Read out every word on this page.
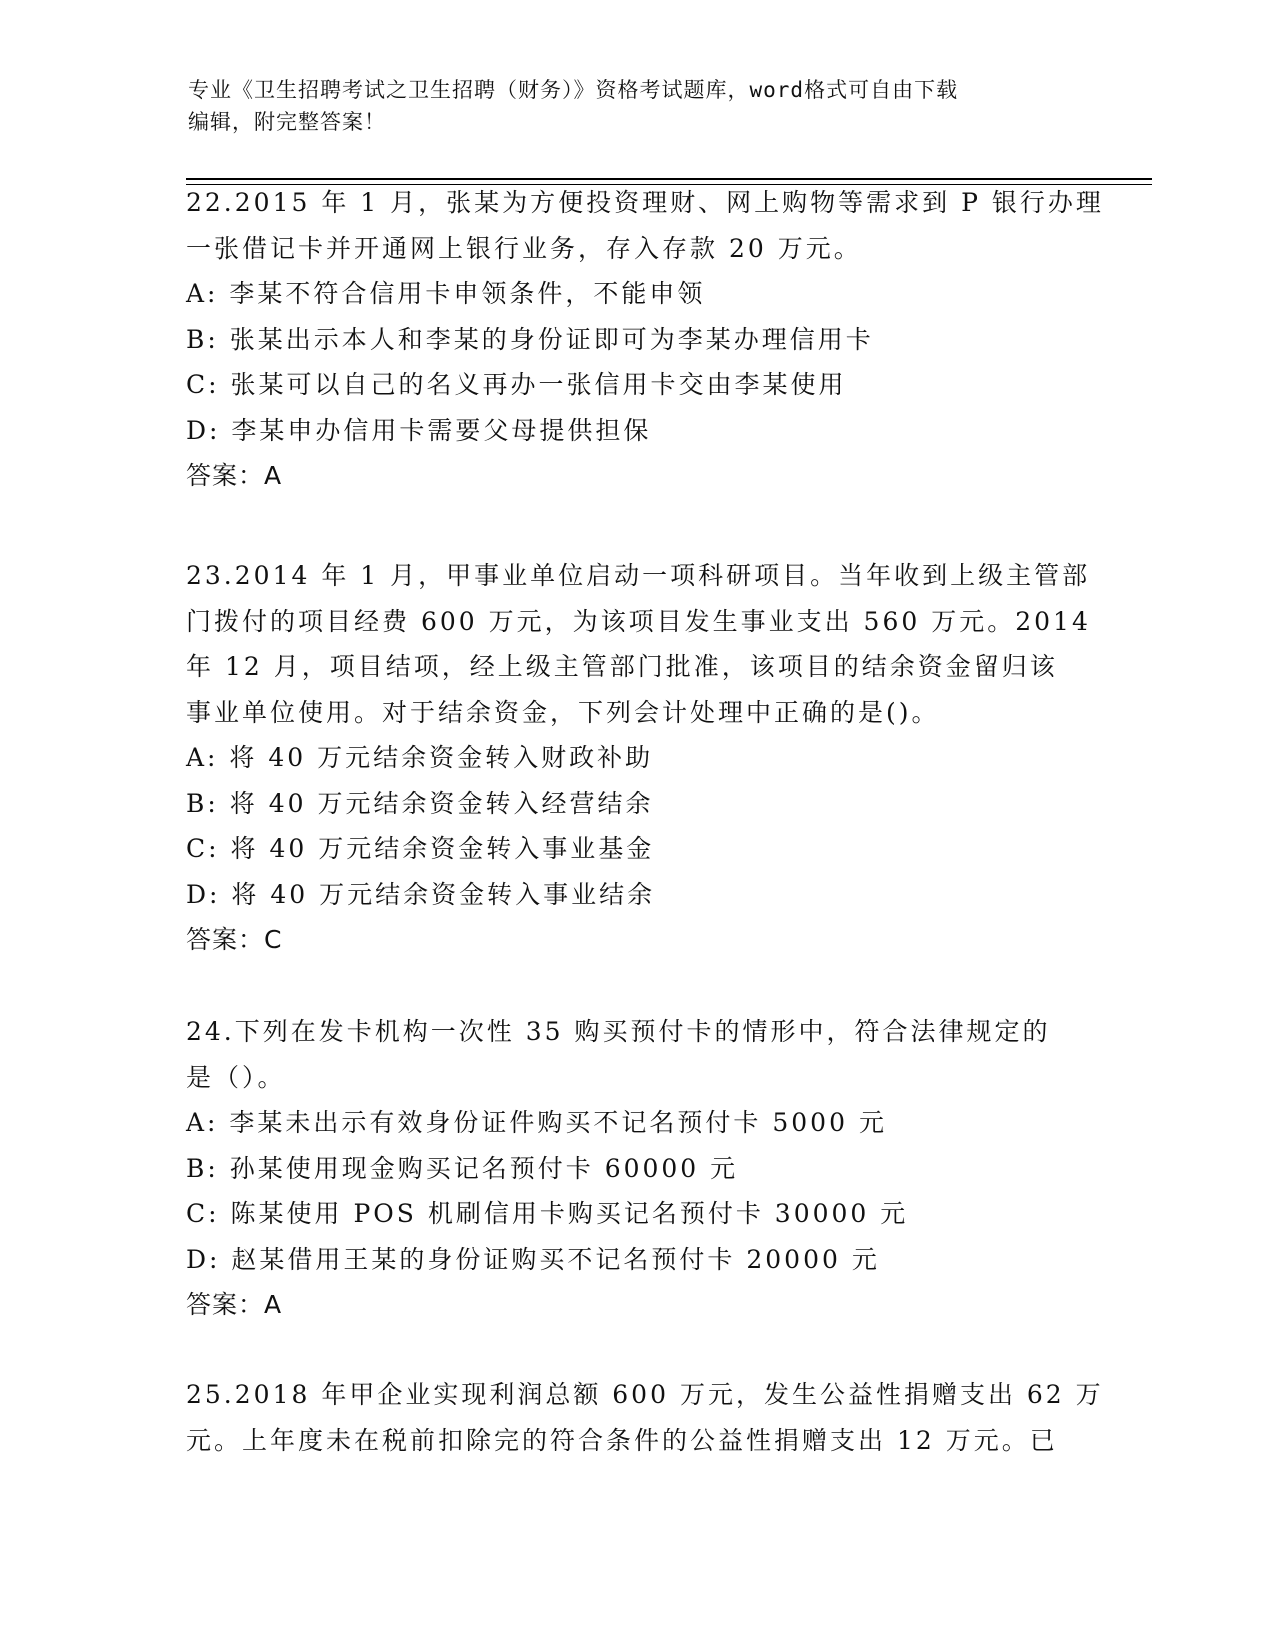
专业《卫生招聘考试之卫生招聘（财务）》资格考试题库，word格式可自由下载
编辑，附完整答案！
22.2015 年 1 月，张某为方便投资理财、网上购物等需求到 P 银行办理
一张借记卡并开通网上银行业务，存入存款 20 万元。
A: 李某不符合信用卡申领条件，不能申领
B: 张某出示本人和李某的身份证即可为李某办理信用卡
C: 张某可以自己的名义再办一张信用卡交由李某使用
D: 李某申办信用卡需要父母提供担保
答案：A
23.2014 年 1 月，甲事业单位启动一项科研项目。当年收到上级主管部
门拨付的项目经费 600 万元，为该项目发生事业支出 560 万元。2014
年 12 月，项目结项，经上级主管部门批准，该项目的结余资金留归该
事业单位使用。对于结余资金，下列会计处理中正确的是()。
A: 将 40 万元结余资金转入财政补助
B: 将 40 万元结余资金转入经营结余
C: 将 40 万元结余资金转入事业基金
D: 将 40 万元结余资金转入事业结余
答案：C
24.下列在发卡机构一次性 35 购买预付卡的情形中，符合法律规定的
是（）。
A: 李某未出示有效身份证件购买不记名预付卡 5000 元
B: 孙某使用现金购买记名预付卡 60000 元
C: 陈某使用 POS 机刷信用卡购买记名预付卡 30000 元
D: 赵某借用王某的身份证购买不记名预付卡 20000 元
答案：A
25.2018 年甲企业实现利润总额 600 万元，发生公益性捐赠支出 62 万
元。上年度未在税前扣除完的符合条件的公益性捐赠支出 12 万元。已
